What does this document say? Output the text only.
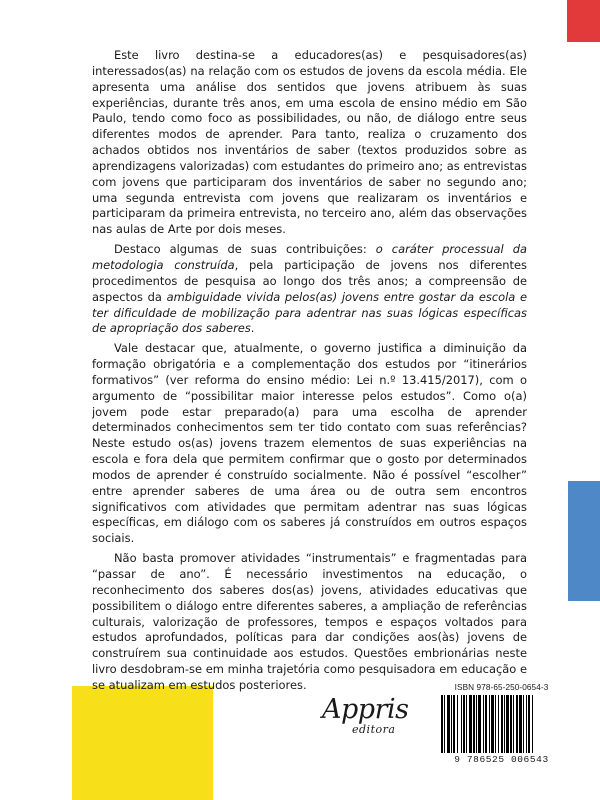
Este livro destina-se a educadores(as) e pesquisadores(as) interessados(as) na relação com os estudos de jovens da escola média. Ele apresenta uma análise dos sentidos que jovens atribuem às suas experiências, durante três anos, em uma escola de ensino médio em São Paulo, tendo como foco as possibilidades, ou não, de diálogo entre seus diferentes modos de aprender. Para tanto, realiza o cruzamento dos achados obtidos nos inventários de saber (textos produzidos sobre as aprendizagens valorizadas) com estudantes do primeiro ano; as entrevistas com jovens que participaram dos inventários de saber no segundo ano; uma segunda entrevista com jovens que realizaram os inventários e participaram da primeira entrevista, no terceiro ano, além das observações nas aulas de Arte por dois meses.

Destaco algumas de suas contribuições: o caráter processual da metodologia construída, pela participação de jovens nos diferentes procedimentos de pesquisa ao longo dos três anos; a compreensão de aspectos da ambiguidade vivida pelos(as) jovens entre gostar da escola e ter dificuldade de mobilização para adentrar nas suas lógicas específicas de apropriação dos saberes.

Vale destacar que, atualmente, o governo justifica a diminuição da formação obrigatória e a complementação dos estudos por “itinerários formativos” (ver reforma do ensino médio: Lei n.º 13.415/2017), com o argumento de “possibilitar maior interesse pelos estudos”. Como o(a) jovem pode estar preparado(a) para uma escolha de aprender determinados conhecimentos sem ter tido contato com suas referências? Neste estudo os(as) jovens trazem elementos de suas experiências na escola e fora dela que permitem confirmar que o gosto por determinados modos de aprender é construído socialmente. Não é possível “escolher” entre aprender saberes de uma área ou de outra sem encontros significativos com atividades que permitam adentrar nas suas lógicas específicas, em diálogo com os saberes já construídos em outros espaços sociais.

Não basta promover atividades “instrumentais” e fragmentadas para “passar de ano”. É necessário investimentos na educação, o reconhecimento dos saberes dos(as) jovens, atividades educativas que possibilitem o diálogo entre diferentes saberes, a ampliação de referências culturais, valorização de professores, tempos e espaços voltados para estudos aprofundados, políticas para dar condições aos(às) jovens de construírem sua continuidade aos estudos. Questões embrionárias neste livro desdobram-se em minha trajetória como pesquisadora em educação e se atualizam em estudos posteriores.

Appris
editora
ISBN 978-65-250-0654-3
9 786525 006543
